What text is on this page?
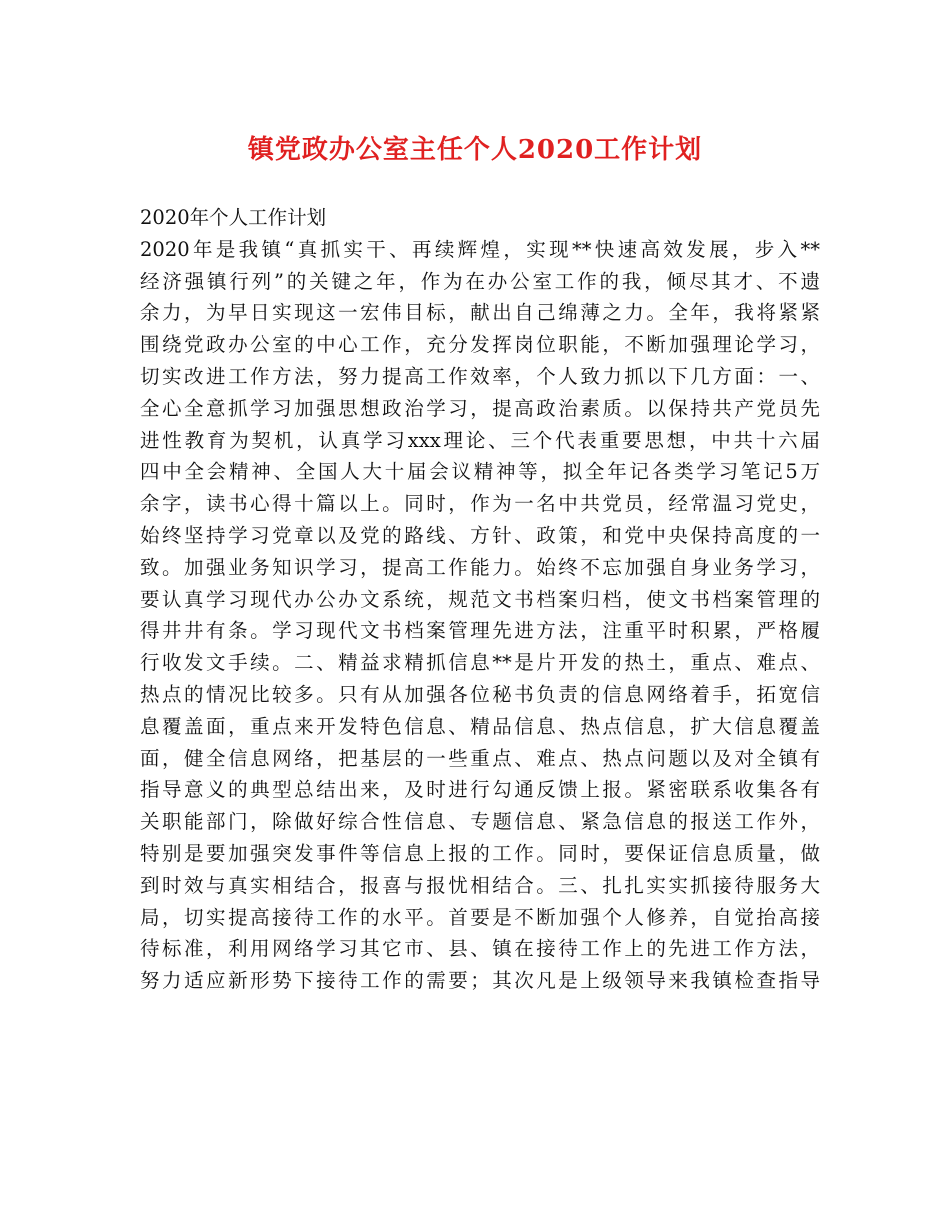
镇党政办公室主任个人2020工作计划
2020年个人工作计划
2020年是我镇“真抓实干、再续辉煌，实现**快速高效发展，步入**
经济强镇行列”的关键之年，作为在办公室工作的我，倾尽其才、不遗
余力，为早日实现这一宏伟目标，献出自己绵薄之力。全年，我将紧紧
围绕党政办公室的中心工作，充分发挥岗位职能，不断加强理论学习，
切实改进工作方法，努力提高工作效率，个人致力抓以下几方面：一、
全心全意抓学习加强思想政治学习，提高政治素质。以保持共产党员先
进性教育为契机，认真学习xxx理论、三个代表重要思想，中共十六届
四中全会精神、全国人大十届会议精神等，拟全年记各类学习笔记5万
余字，读书心得十篇以上。同时，作为一名中共党员，经常温习党史，
始终坚持学习党章以及党的路线、方针、政策，和党中央保持高度的一
致。加强业务知识学习，提高工作能力。始终不忘加强自身业务学习，
要认真学习现代办公办文系统，规范文书档案归档，使文书档案管理的
得井井有条。学习现代文书档案管理先进方法，注重平时积累，严格履
行收发文手续。二、精益求精抓信息**是片开发的热土，重点、难点、
热点的情况比较多。只有从加强各位秘书负责的信息网络着手，拓宽信
息覆盖面，重点来开发特色信息、精品信息、热点信息，扩大信息覆盖
面，健全信息网络，把基层的一些重点、难点、热点问题以及对全镇有
指导意义的典型总结出来，及时进行勾通反馈上报。紧密联系收集各有
关职能部门，除做好综合性信息、专题信息、紧急信息的报送工作外，
特别是要加强突发事件等信息上报的工作。同时，要保证信息质量，做
到时效与真实相结合，报喜与报忧相结合。三、扎扎实实抓接待服务大
局，切实提高接待工作的水平。首要是不断加强个人修养，自觉抬高接
待标准，利用网络学习其它市、县、镇在接待工作上的先进工作方法，
努力适应新形势下接待工作的需要；其次凡是上级领导来我镇检查指导
